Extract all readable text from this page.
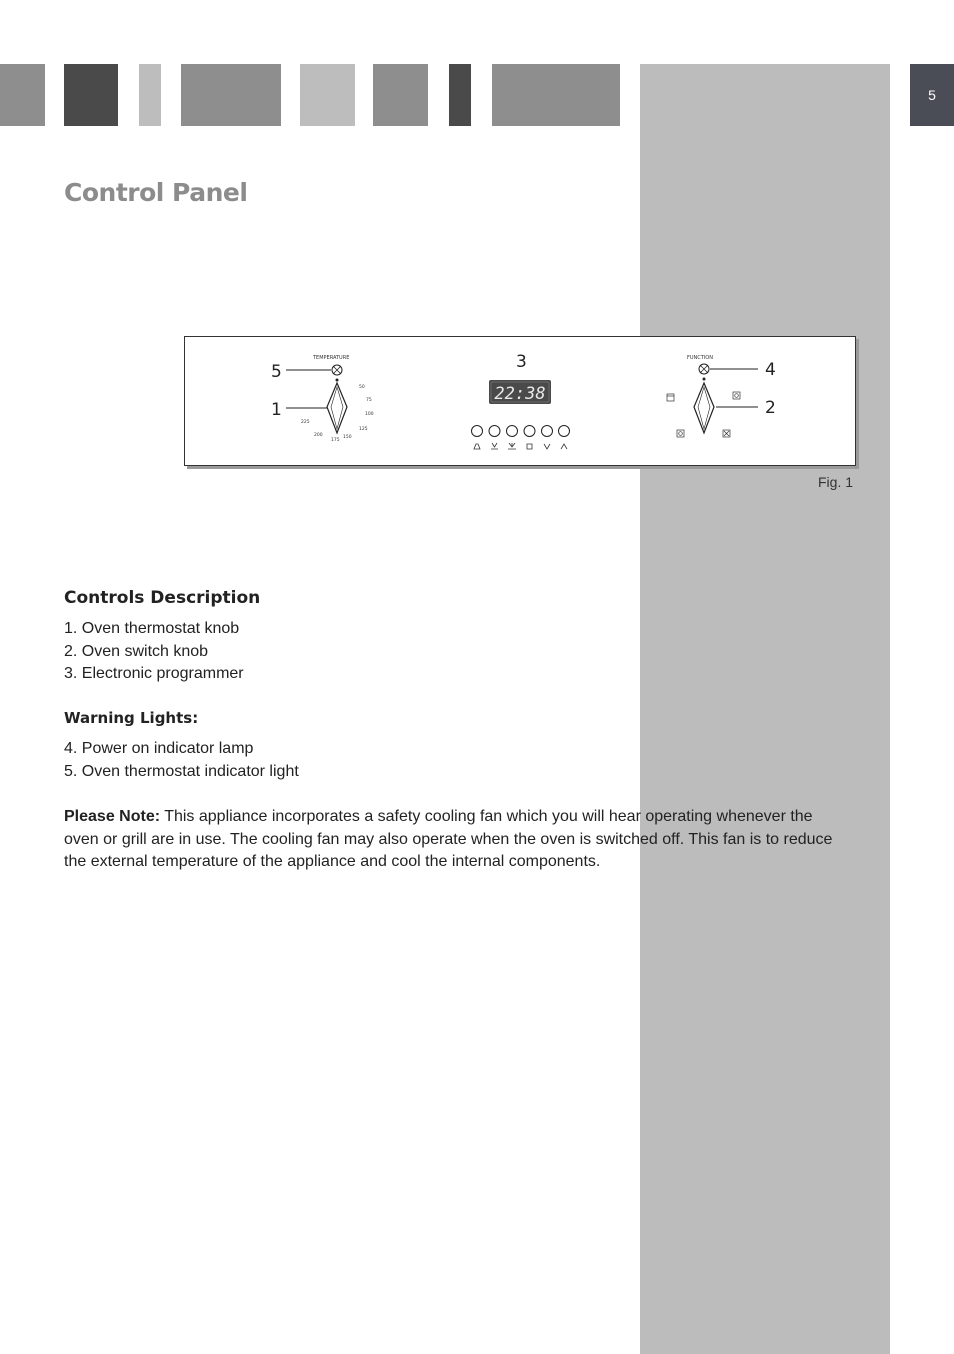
5
Control Panel
5
1
3	4
2
TEMPERATURE
50
75
100
125
150
175
200
225
22:38
FUNCTION
Fig. 1
Controls Description
1. Oven thermostat knob
2. Oven switch knob
3. Electronic programmer
Warning Lights:
4. Power on indicator lamp
5. Oven thermostat indicator light

Please Note: This appliance incorporates a safety cooling fan which you will hear operating whenever the oven or grill are in use. The cooling fan may also operate when the oven is switched off. This fan is to reduce the external temperature of the appliance and cool the internal components.
